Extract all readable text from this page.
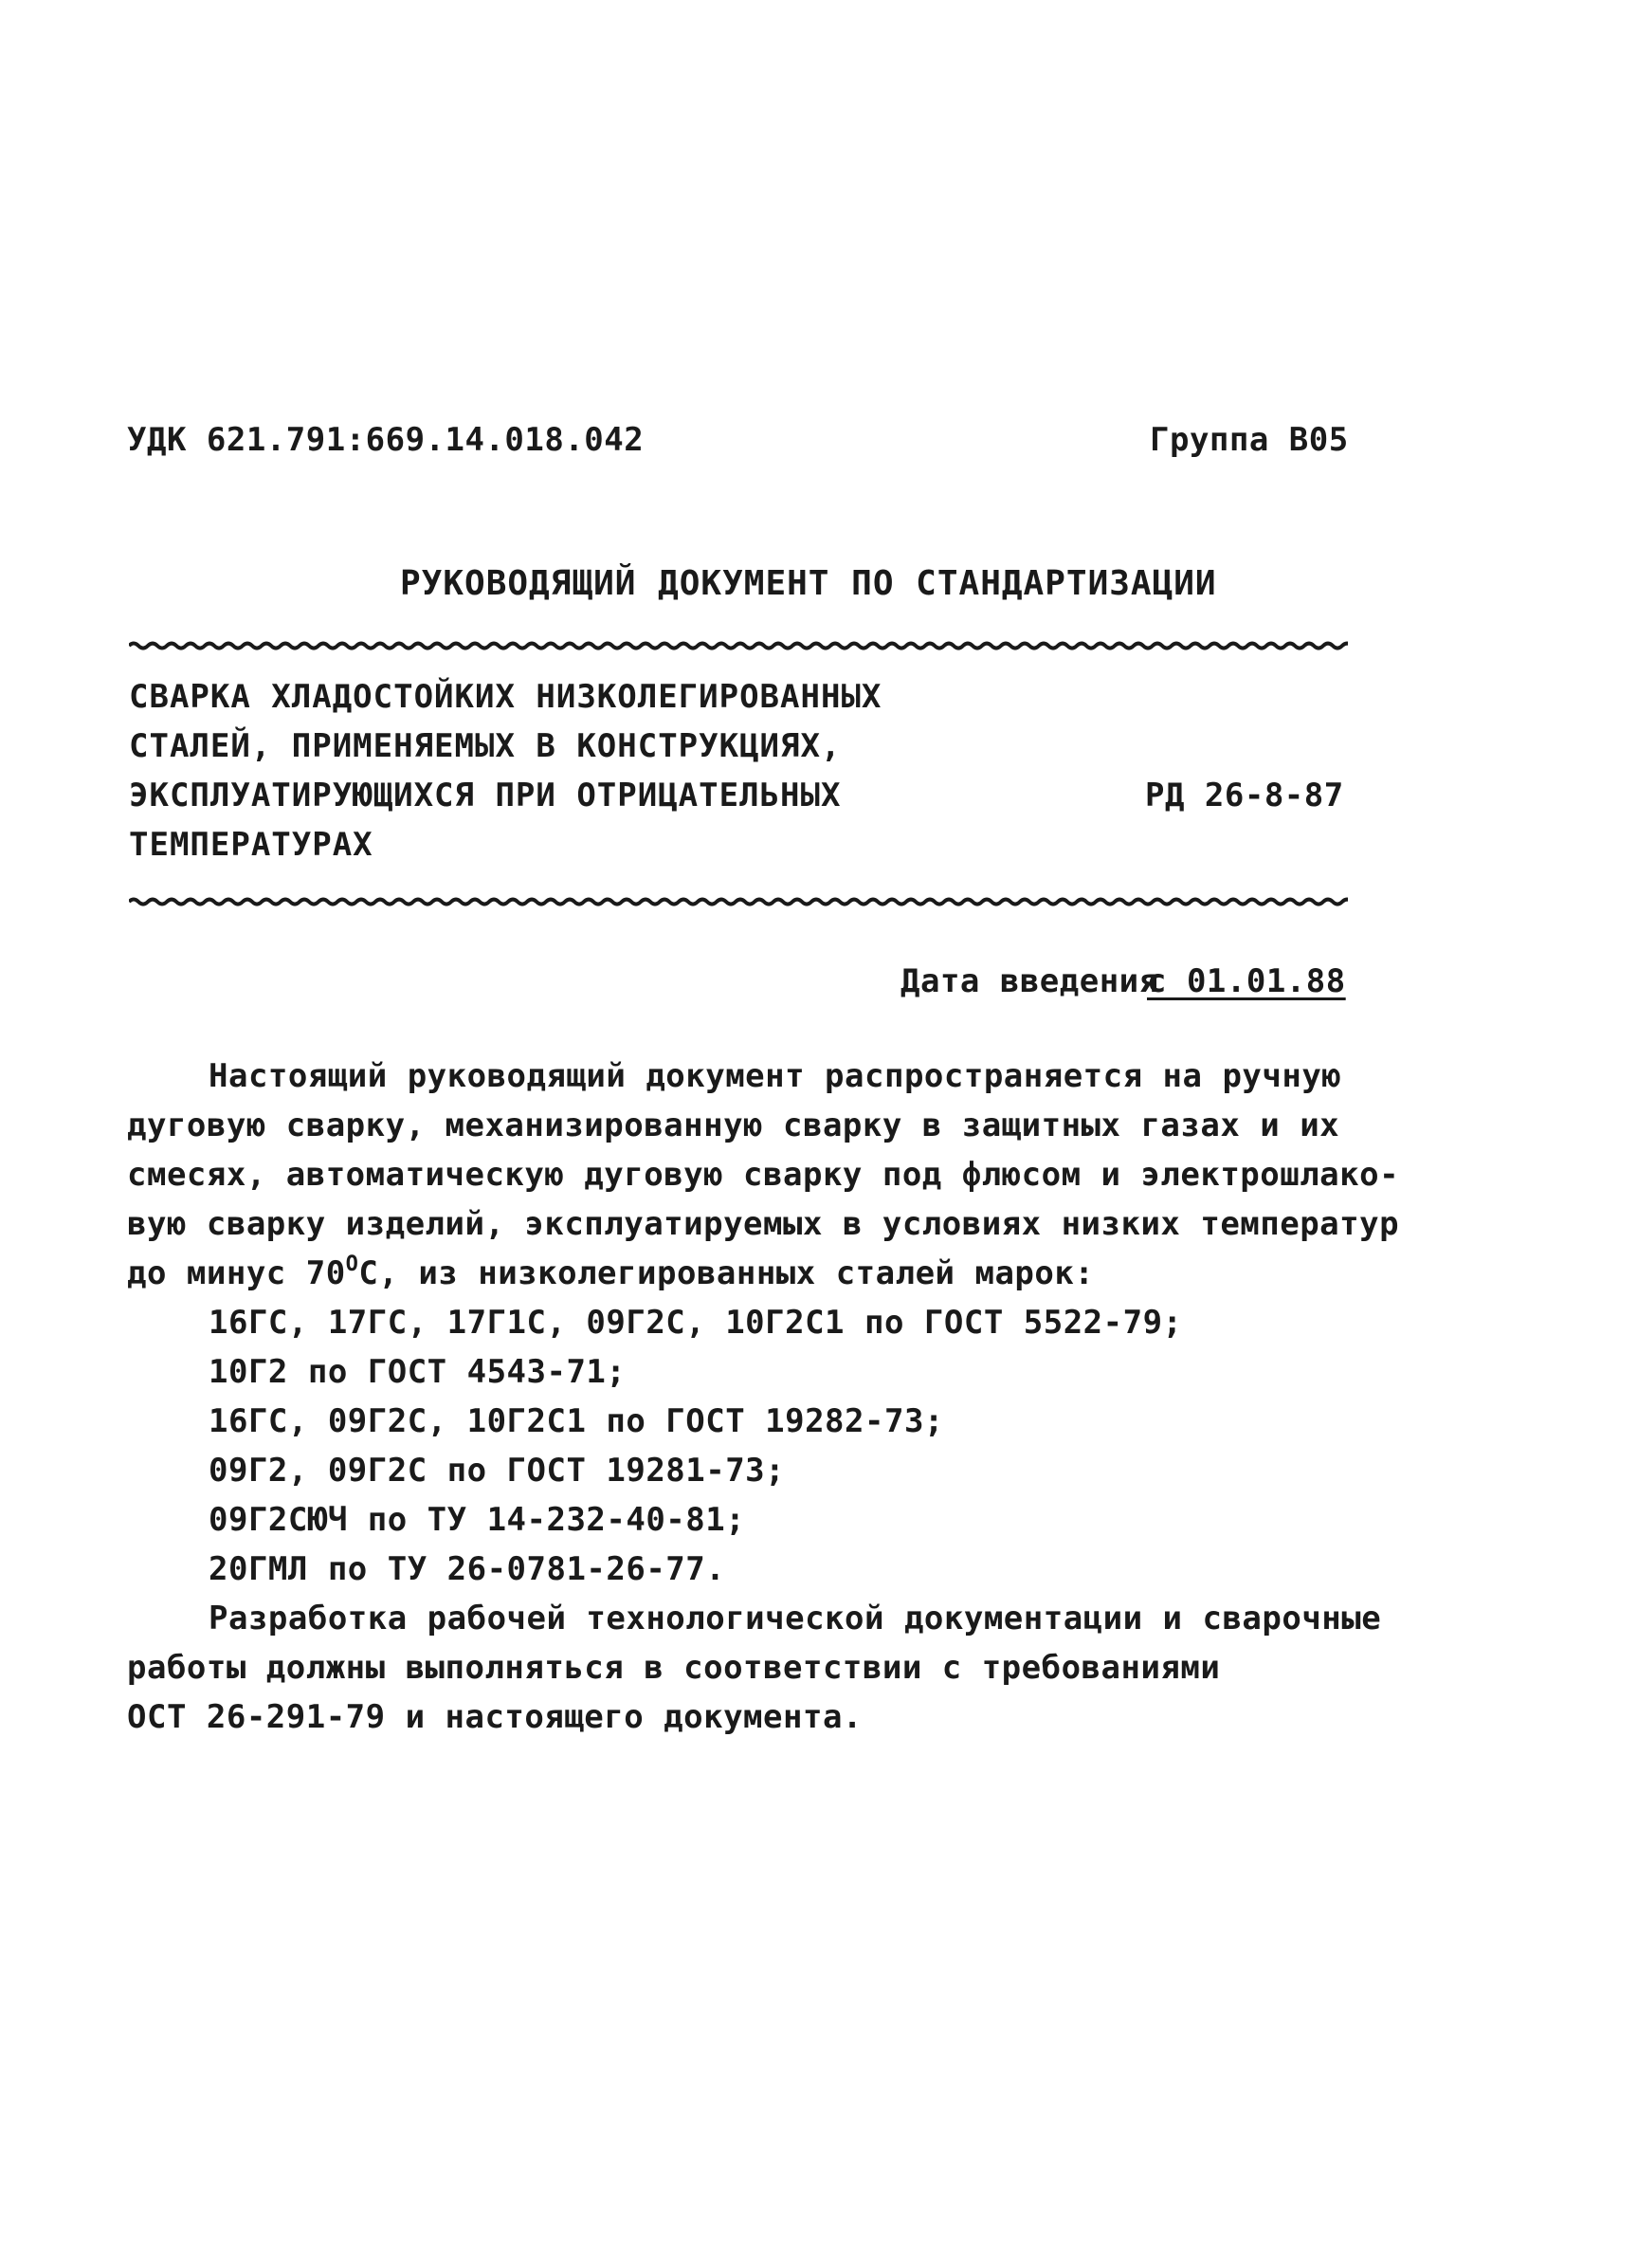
УДК 621.791:669.14.018.042	Группа В05
РУКОВОДЯЩИЙ ДОКУМЕНТ ПО СТАНДАРТИЗАЦИИ
СВАРКА ХЛАДОСТОЙКИХ НИЗКОЛЕГИРОВАННЫХ
СТАЛЕЙ, ПРИМЕНЯЕМЫХ В КОНСТРУКЦИЯХ,
ЭКСПЛУАТИРУЮЩИХСЯ ПРИ ОТРИЦАТЕЛЬНЫХ
ТЕМПЕРАТУРАХ
РД 26-8-87
Дата введения
с 01.01.88
Настоящий руководящий документ распространяется на ручную
дуговую сварку, механизированную сварку в защитных газах и их
смесях, автоматическую дуговую сварку под флюсом и электрошлако-
вую сварку изделий, эксплуатируемых в условиях низких температур
до минус $70^ОС$, из низколегированных сталей марок:
16ГС, 17ГС, 17Г1С, 09Г2С, 10Г2С1 по ГОСТ 5522-79;
10Г2 по ГОСТ 4543-71;
16ГС, 09Г2С, 10Г2С1 по ГОСТ 19282-73;
09Г2, 09Г2С по ГОСТ 19281-73;
09Г2СЮЧ по ТУ 14-232-40-81;
20ГМЛ по ТУ 26-0781-26-77.
Разработка рабочей технологической документации и сварочные
работы должны выполняться в соответствии с требованиями
ОСТ 26-291-79 и настоящего документа.
